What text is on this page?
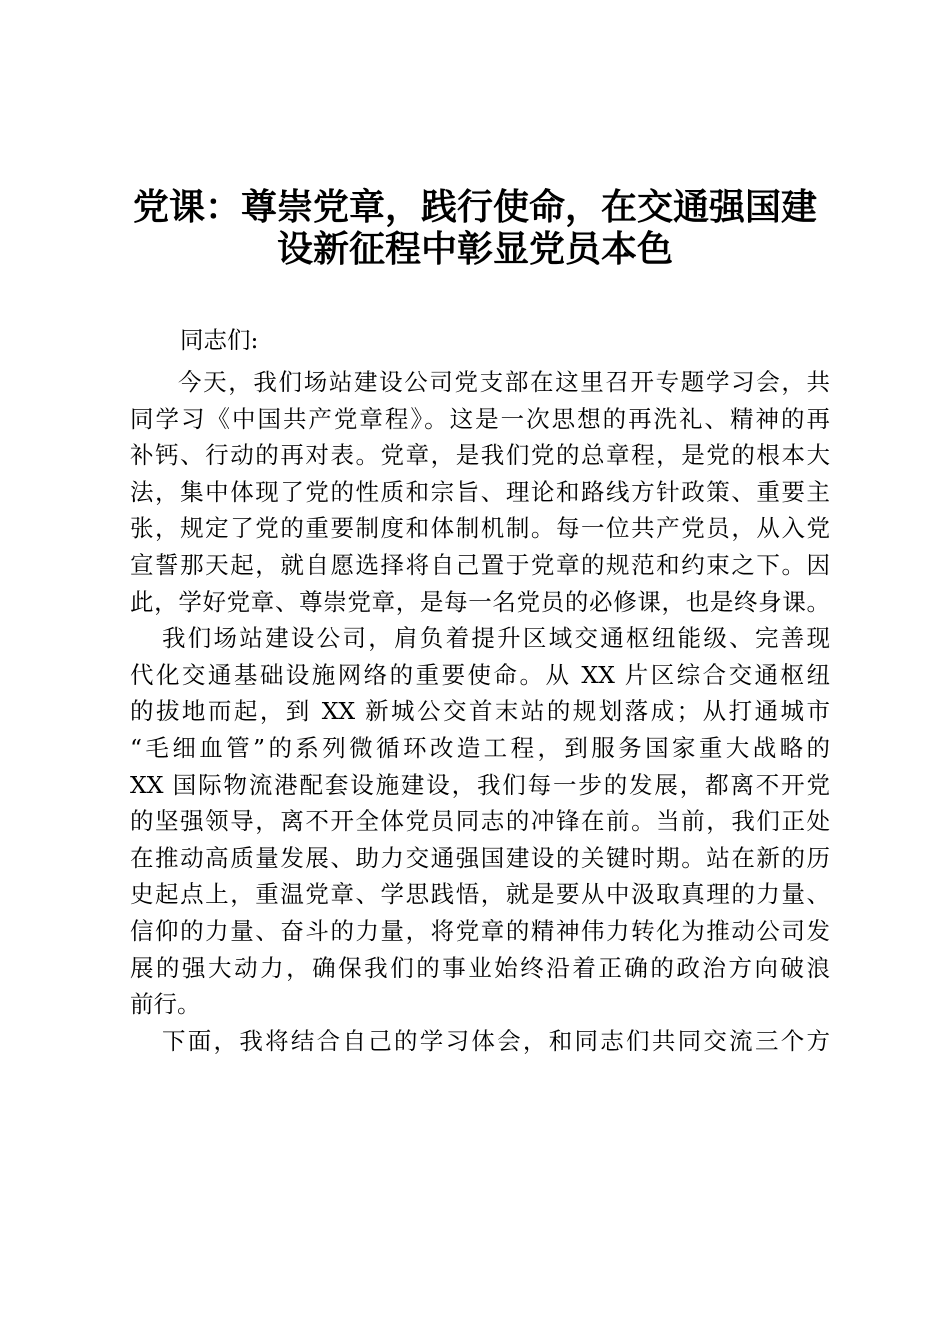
党课：尊崇党章，践行使命，在交通强国建
设新征程中彰显党员本色
同志们:
今天，我们场站建设公司党支部在这里召开专题学习会，共
同学习《中国共产党章程》。这是一次思想的再洗礼、精神的再
补钙、行动的再对表。党章，是我们党的总章程，是党的根本大
法，集中体现了党的性质和宗旨、理论和路线方针政策、重要主
张，规定了党的重要制度和体制机制。每一位共产党员，从入党
宣誓那天起，就自愿选择将自己置于党章的规范和约束之下。因
此，学好党章、尊崇党章，是每一名党员的必修课，也是终身课。
我们场站建设公司，肩负着提升区域交通枢纽能级、完善现
代化交通基础设施网络的重要使命。从 XX 片区综合交通枢纽
的拔地而起，到 XX 新城公交首末站的规划落成；从打通城市
“毛细血管”的系列微循环改造工程，到服务国家重大战略的
XX 国际物流港配套设施建设，我们每一步的发展，都离不开党
的坚强领导，离不开全体党员同志的冲锋在前。当前，我们正处
在推动高质量发展、助力交通强国建设的关键时期。站在新的历
史起点上，重温党章、学思践悟，就是要从中汲取真理的力量、
信仰的力量、奋斗的力量，将党章的精神伟力转化为推动公司发
展的强大动力，确保我们的事业始终沿着正确的政治方向破浪
前行。
下面，我将结合自己的学习体会，和同志们共同交流三个方
